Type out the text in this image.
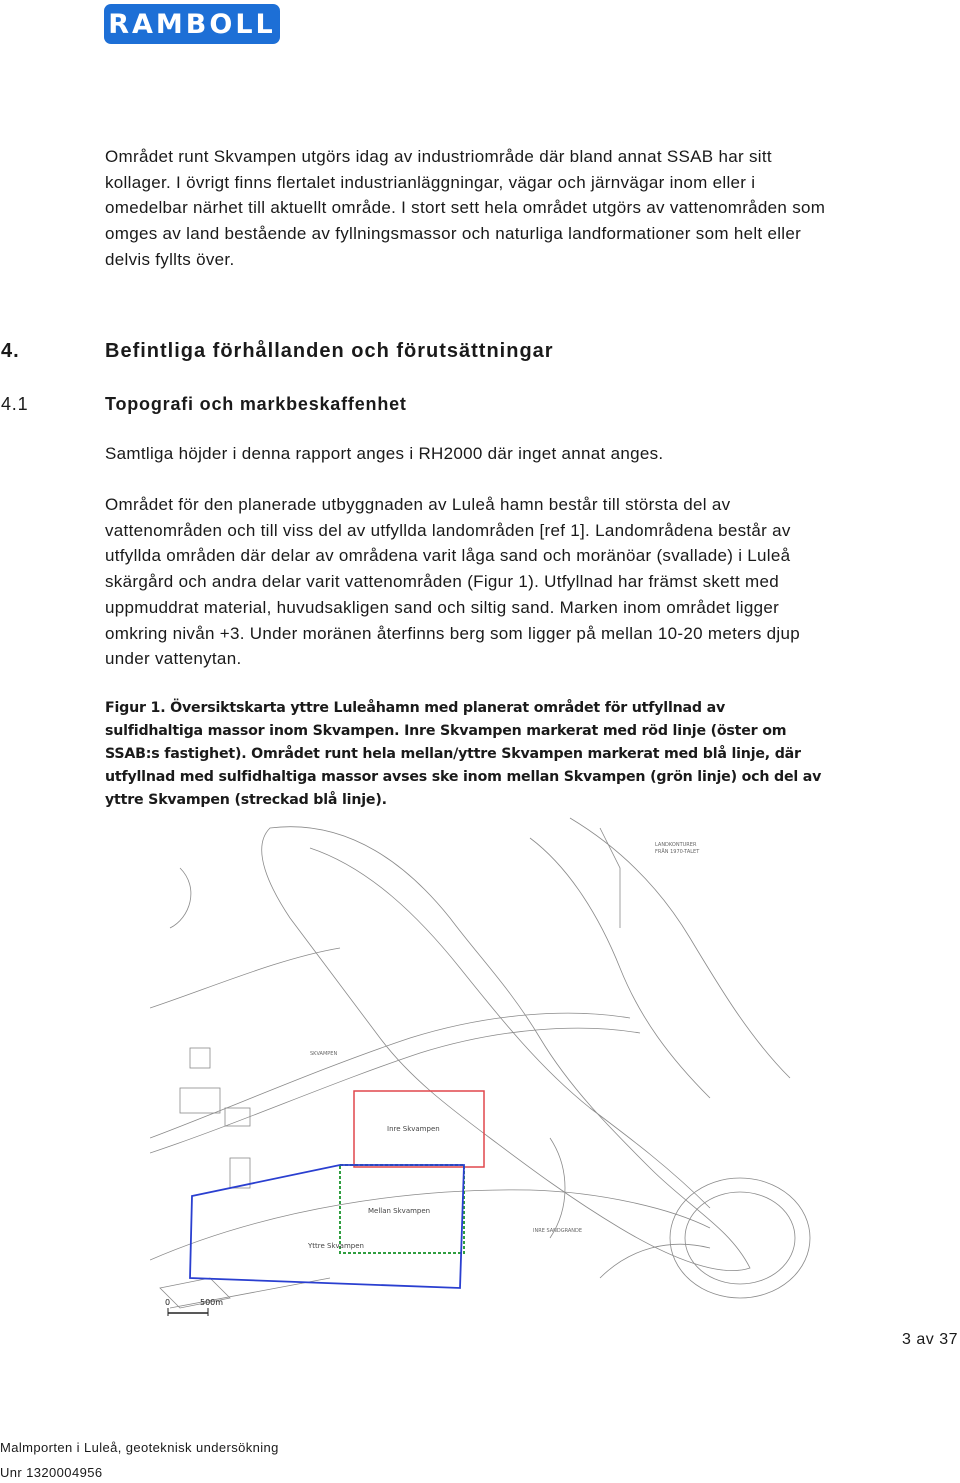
RAMBOLL

Området runt Skvampen utgörs idag av industriområde där bland annat SSAB har sitt kollager. I övrigt finns flertalet industrianläggningar, vägar och järnvägar inom eller i omedelbar närhet till aktuellt område. I stort sett hela området utgörs av vattenområden som omges av land bestående av fyllningsmassor och naturliga landformationer som helt eller delvis fyllts över.

4.	Befintliga förhållanden och förutsättningar
4.1	Topografi och markbeskaffenhet

Samtliga höjder i denna rapport anges i RH2000 där inget annat anges.

Området för den planerade utbyggnaden av Luleå hamn består till största del av vattenområden och till viss del av utfyllda landområden [ref 1]. Landområdena består av utfyllda områden där delar av områdena varit låga sand och moränöar (svallade) i Luleå skärgård och andra delar varit vattenområden (Figur 1). Utfyllnad har främst skett med uppmuddrat material, huvudsakligen sand och siltig sand. Marken inom området ligger omkring nivån +3. Under moränen återfinns berg som ligger på mellan 10-20 meters djup under vattenytan.

Figur 1. Översiktskarta yttre Luleåhamn med planerat området för utfyllnad av sulfidhaltiga massor inom Skvampen. Inre Skvampen markerat med röd linje (öster om SSAB:s fastighet). Området runt hela mellan/yttre Skvampen markerat med blå linje, där utfyllnad med sulfidhaltiga massor avses ske inom mellan Skvampen (grön linje) och del av yttre Skvampen (streckad blå linje).

Inre Skvampen
Mellan Skvampen
Yttre Skvampen
LANDKONTURER
FRÅN 1970-TALET
INRE SANDGRANDE
SKVAMPEN
0	500m
3 av 37
Malmporten i Luleå, geoteknisk undersökning
Unr 1320004956
